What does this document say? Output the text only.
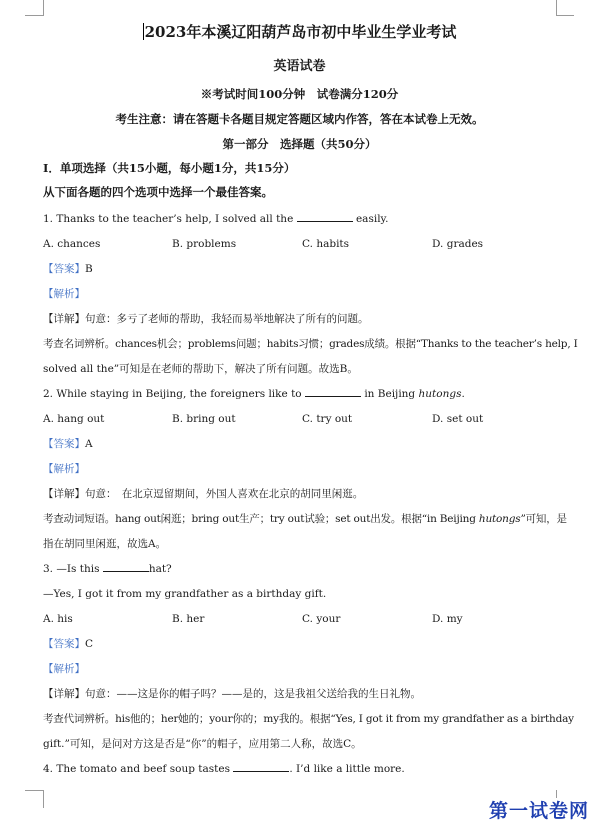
2023年本溪辽阳葫芦岛市初中毕业生学业考试
英语试卷
※考试时间100分钟　试卷满分120分
考生注意：请在答题卡各题目规定答题区域内作答，答在本试卷上无效。
第一部分　选择题（共50分）
Ⅰ．单项选择（共15小题，每小题1分，共15分）
从下面各题的四个选项中选择一个最佳答案。
1. Thanks to the teacher’s help, I solved all the	easily.
A. chances	B. problems	C. habits	D. grades
【答案】B
【解析】
【详解】句意：多亏了老师的帮助，我轻而易举地解决了所有的问题。
考查名词辨析。chances机会；problems问题；habits习惯；grades成绩。根据“Thanks to the teacher’s help, I
solved all the”可知是在老师的帮助下，解决了所有问题。故选B。
2. While staying in Beijing, the foreigners like to	in Beijing hutongs.
A. hang out	B. bring out	C. try out	D. set out
【答案】A
【解析】
【详解】句意：　在北京逗留期间，外国人喜欢在北京的胡同里闲逛。
考查动词短语。hang out闲逛；bring out生产；try out试验；set out出发。根据“in Beijing hutongs”可知，是
指在胡同里闲逛，故选A。
3. —Is this	hat?
—Yes, I got it from my grandfather as a birthday gift.
A. his	B. her	C. your	D. my
【答案】C
【解析】
【详解】句意：——这是你的帽子吗？——是的，这是我祖父送给我的生日礼物。
考查代词辨析。his他的；her她的；your你的；my我的。根据“Yes, I got it from my grandfather as a birthday
gift.”可知，是问对方这是否是“你”的帽子，应用第二人称，故选C。
4. The tomato and beef soup tastes	. I’d like a little more.
第一试卷网
